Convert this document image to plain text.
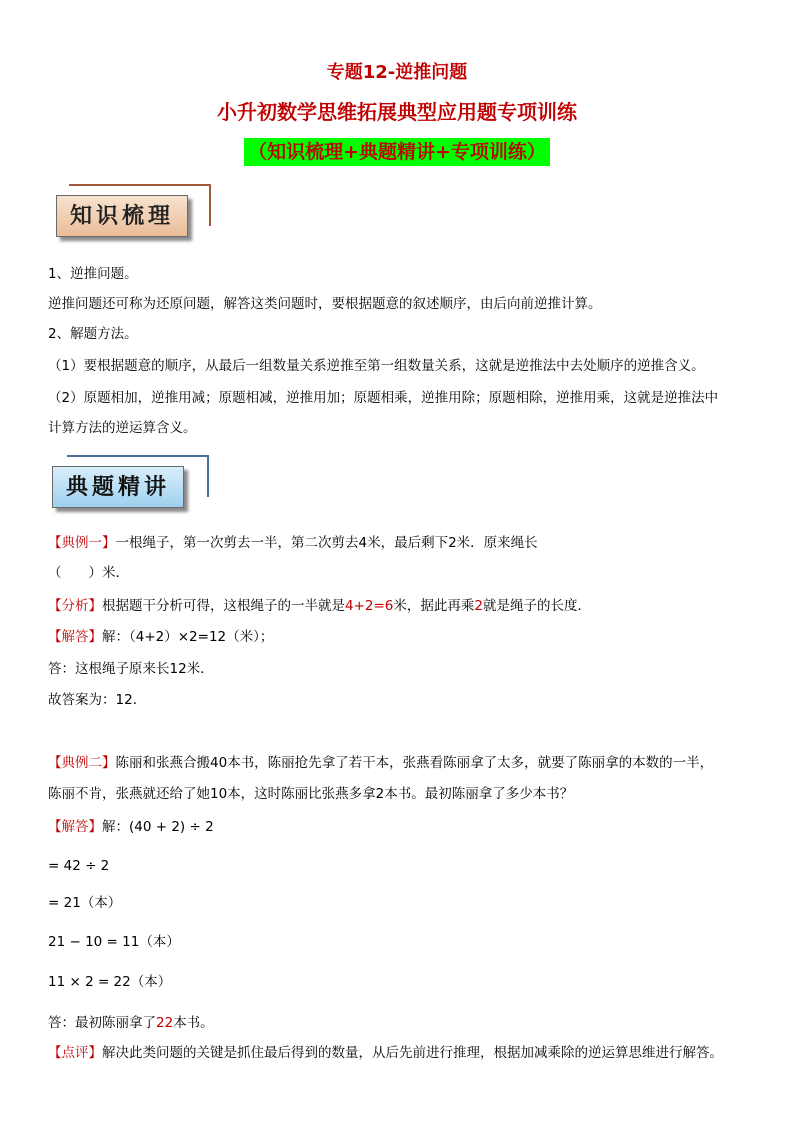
专题12-逆推问题
小升初数学思维拓展典型应用题专项训练
（知识梳理+典题精讲+专项训练）
知识梳理
1、逆推问题。
逆推问题还可称为还原问题，解答这类问题时，要根据题意的叙述顺序，由后向前逆推计算。
2、解题方法。
（1）要根据题意的顺序，从最后一组数量关系逆推至第一组数量关系，这就是逆推法中去处顺序的逆推含义。
（2）原题相加，逆推用减；原题相减，逆推用加；原题相乘，逆推用除；原题相除，逆推用乘，这就是逆推法中
计算方法的逆运算含义。
典题精讲
【典例一】一根绳子，第一次剪去一半，第二次剪去4米，最后剩下2米．原来绳长
（　　）米．
【分析】根据题干分析可得，这根绳子的一半就是4+2=6米，据此再乘2就是绳子的长度．
【解答】解：（4+2）×2=12（米）；
答：这根绳子原来长12米．
故答案为：12．
【典例二】陈丽和张燕合搬40本书，陈丽抢先拿了若干本，张燕看陈丽拿了太多，就要了陈丽拿的本数的一半，
陈丽不肯，张燕就还给了她10本，这时陈丽比张燕多拿2本书。最初陈丽拿了多少本书？
【解答】解：(40 + 2) ÷ 2
= 42 ÷ 2
= 21（本）
21 − 10 = 11（本）
11 × 2 = 22（本）
答：最初陈丽拿了22本书。
【点评】解决此类问题的关键是抓住最后得到的数量，从后先前进行推理，根据加减乘除的逆运算思维进行解答。
